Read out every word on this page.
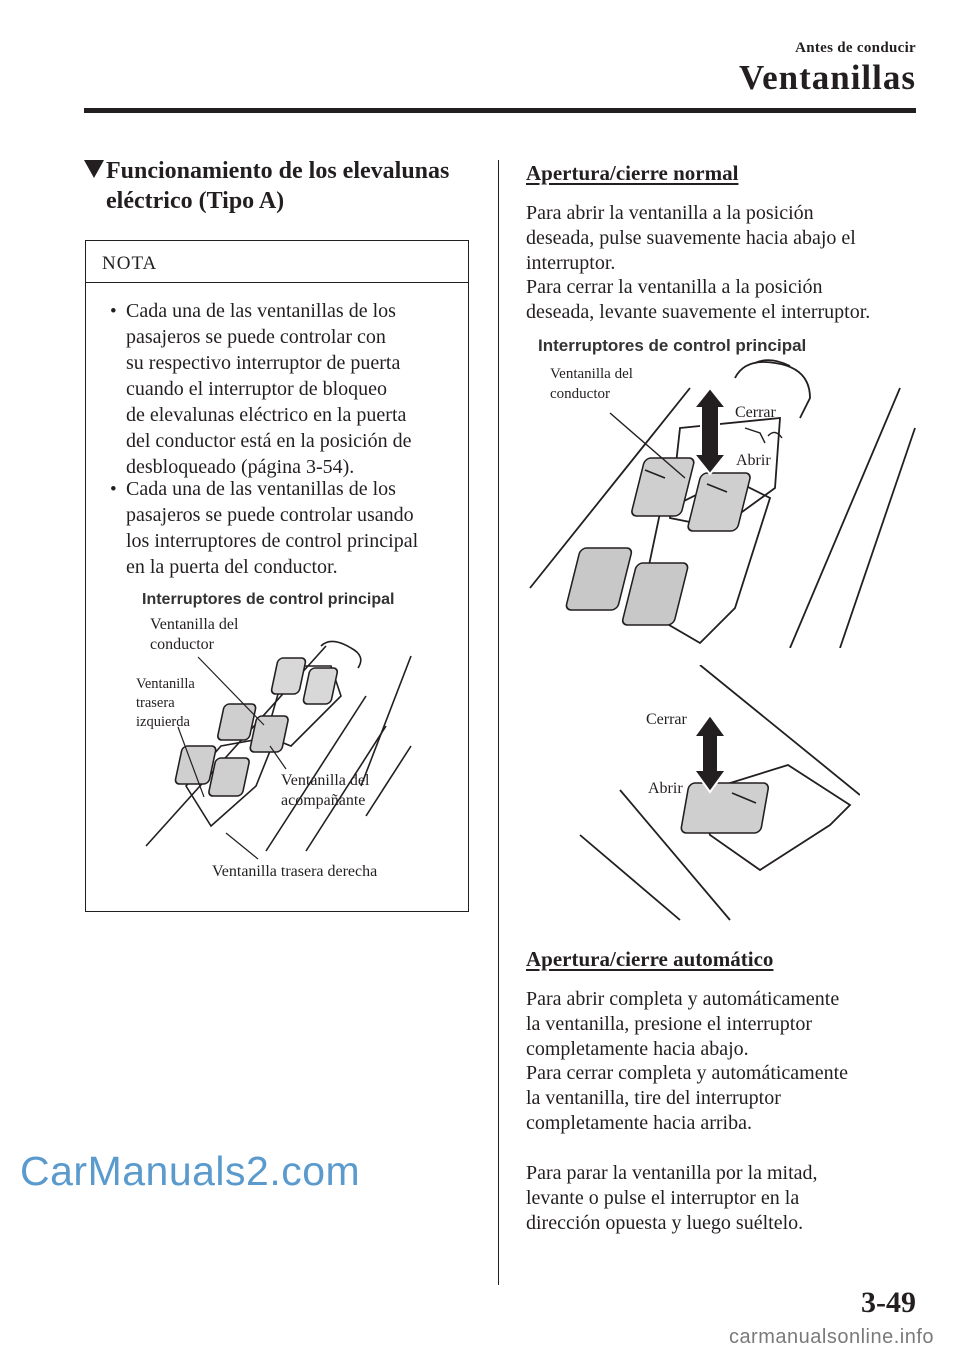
Antes de conducir
Ventanillas
Funcionamiento de los elevalunas
eléctrico (Tipo A)
NOTA
• Cada una de las ventanillas de los
pasajeros se puede controlar con
su respectivo interruptor de puerta
cuando el interruptor de bloqueo
de elevalunas eléctrico en la puerta
del conductor está en la posición de
desbloqueado (página 3-54).
• Cada una de las ventanillas de los
pasajeros se puede controlar usando
los interruptores de control principal
en la puerta del conductor.
Interruptores de control principal
Ventanilla del
conductor
Ventanilla
trasera
izquierda
Ventanilla del
acompañante
Ventanilla trasera derecha
Apertura/cierre normal
Para abrir la ventanilla a la posición
deseada, pulse suavemente hacia abajo el
interruptor.
Para cerrar la ventanilla a la posición
deseada, levante suavemente el interruptor.
Interruptores de control principal
Ventanilla del
conductor
Cerrar
Abrir
Cerrar
Abrir
Apertura/cierre automático
Para abrir completa y automáticamente
la ventanilla, presione el interruptor
completamente hacia abajo.
Para cerrar completa y automáticamente
la ventanilla, tire del interruptor
completamente hacia arriba.
Para parar la ventanilla por la mitad,
levante o pulse el interruptor en la
dirección opuesta y luego suéltelo.
CarManuals2.com
3-49
carmanualsonline.info
